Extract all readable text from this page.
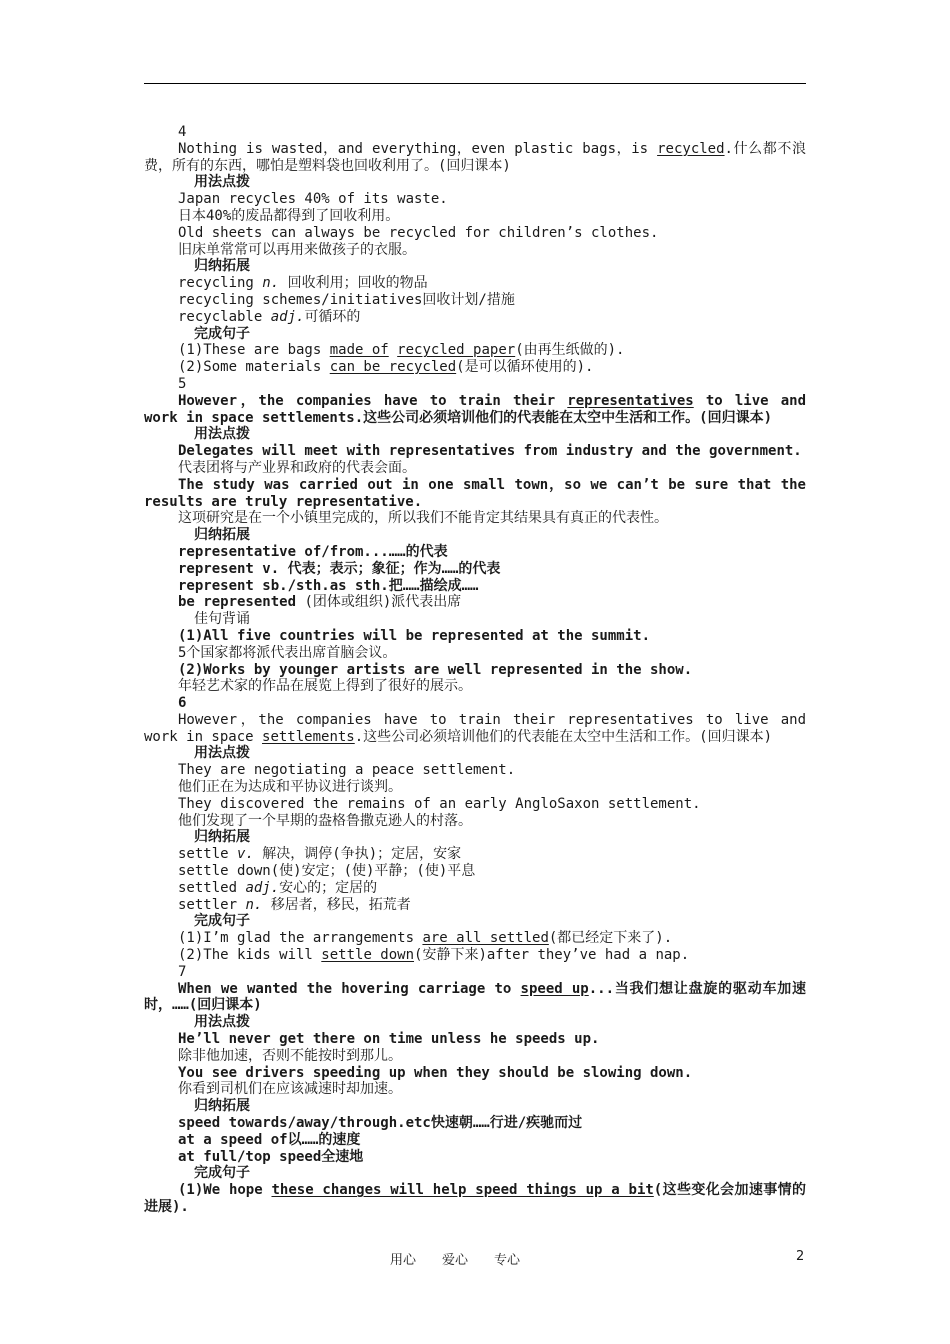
4

Nothing is wasted，and everything，even plastic bags，is recycled.什么都不浪费，所有的东西，哪怕是塑料袋也回收利用了。(回归课本)

用法点拨

Japan recycles 40% of its waste.

日本40%的废品都得到了回收利用。

Old sheets can always be recycled for children’s clothes.

旧床单常常可以再用来做孩子的衣服。

归纳拓展

recycling n. 回收利用；回收的物品

recycling schemes/initiatives回收计划/措施

recyclable adj.可循环的

完成句子

(1)These are bags made of recycled paper(由再生纸做的).

(2)Some materials can be recycled(是可以循环使用的).

5

However，the companies have to train their representatives to live and work in space settlements.这些公司必须培训他们的代表能在太空中生活和工作。(回归课本)

用法点拨

Delegates will meet with representatives from industry and the government.

代表团将与产业界和政府的代表会面。

The study was carried out in one small town，so we can’t be sure that the results are truly representative.

这项研究是在一个小镇里完成的，所以我们不能肯定其结果具有真正的代表性。

归纳拓展

representative of/from...……的代表

represent v. 代表；表示；象征；作为……的代表

represent sb./sth.as sth.把……描绘成……

be represented (团体或组织)派代表出席

佳句背诵

(1)All five countries will be represented at the summit.

5个国家都将派代表出席首脑会议。

(2)Works by younger artists are well represented in the show.

年轻艺术家的作品在展览上得到了很好的展示。

6

However，the companies have to train their representatives to live and work in space settlements.这些公司必须培训他们的代表能在太空中生活和工作。(回归课本)

用法点拨

They are negotiating a peace settlement.

他们正在为达成和平协议进行谈判。

They discovered the remains of an early AngloSaxon settlement.

他们发现了一个早期的盎格鲁撒克逊人的村落。

归纳拓展

settle v. 解决，调停(争执)；定居，安家

settle down(使)安定；(使)平静；(使)平息

settled adj.安心的；定居的

settler n. 移居者，移民，拓荒者

完成句子

(1)I’m glad the arrangements are all settled(都已经定下来了).

(2)The kids will settle down(安静下来)after they’ve had a nap.

7

When we wanted the hovering carriage to speed up...当我们想让盘旋的驱动车加速时，……(回归课本)

用法点拨

He’ll never get there on time unless he speeds up.

除非他加速，否则不能按时到那儿。

You see drivers speeding up when they should be slowing down.

你看到司机们在应该减速时却加速。

归纳拓展

speed towards/away/through.etc快速朝……行进/疾驰而过

at a speed of以……的速度

at full/top speed全速地

完成句子

(1)We hope these changes will help speed things up a bit(这些变化会加速事情的进展).

用心 爱心 专心	2
